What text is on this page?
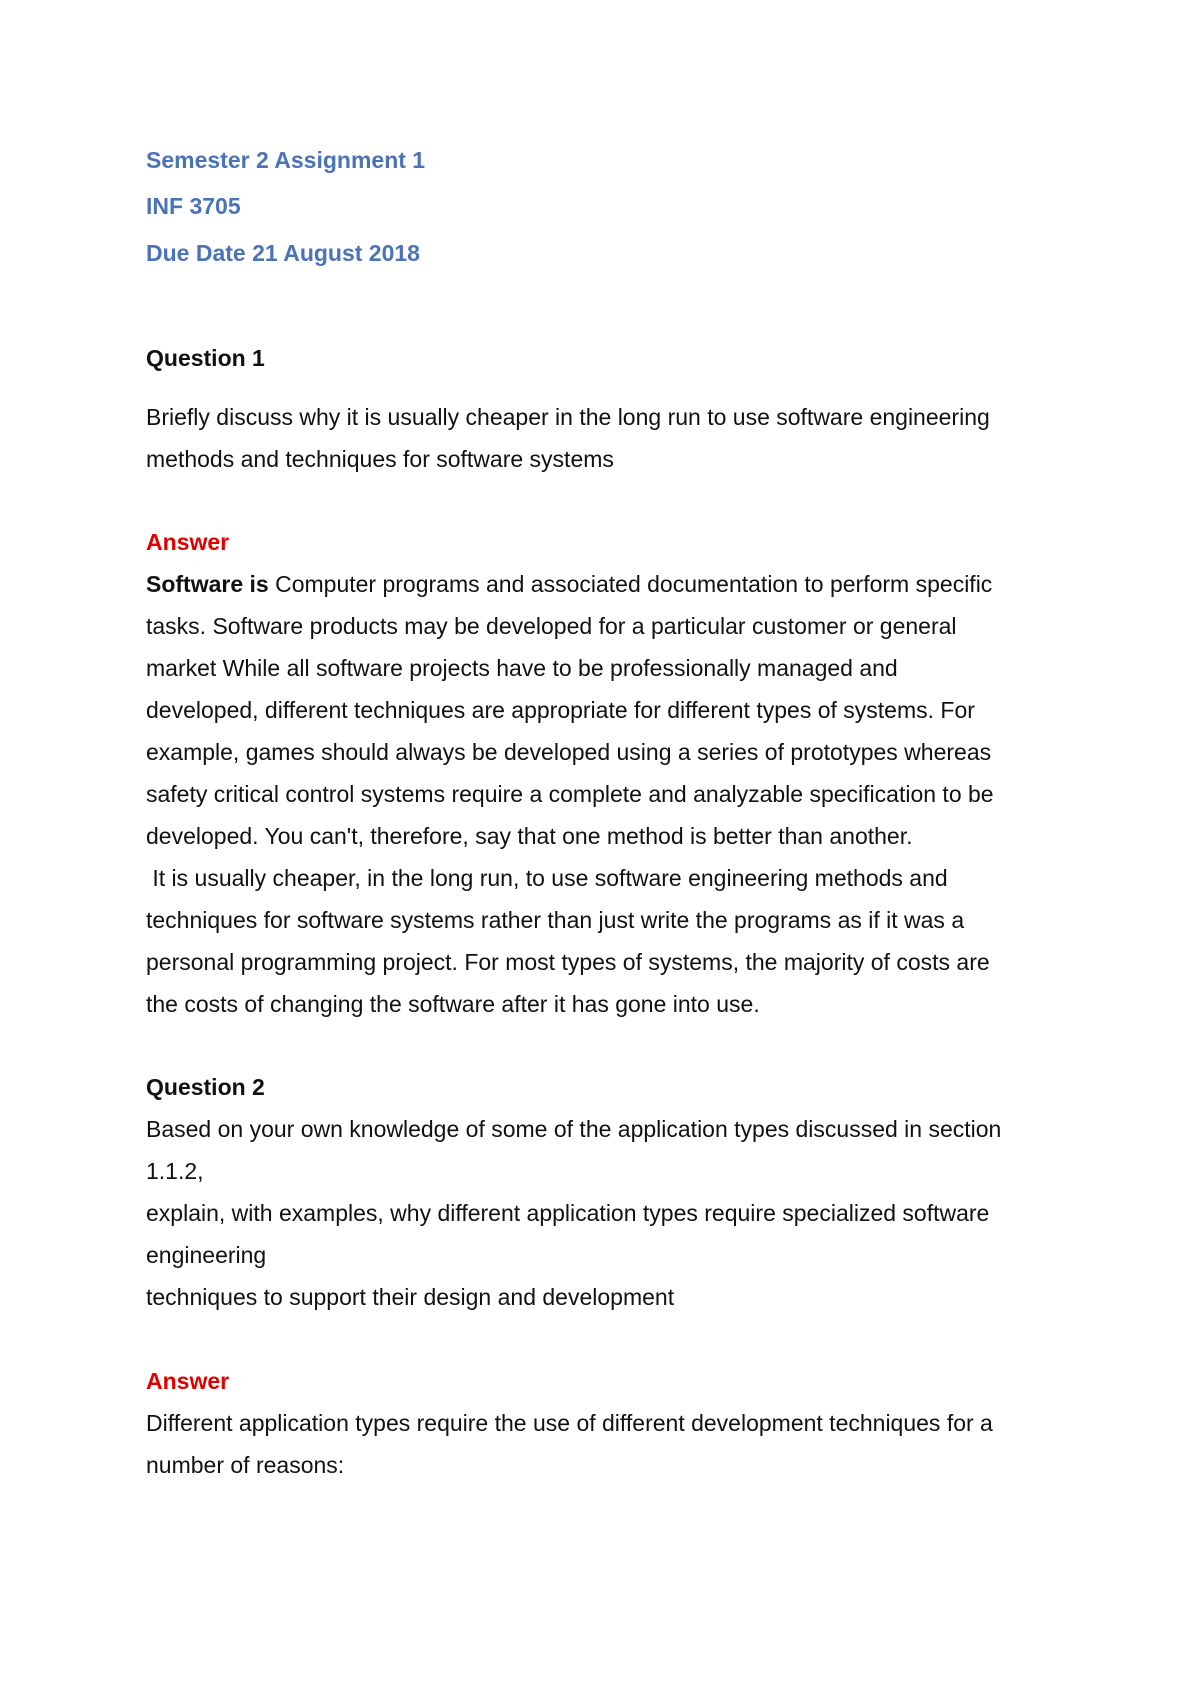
Semester 2 Assignment 1

INF 3705

Due Date 21 August 2018

Question 1

Briefly discuss why it is usually cheaper in the long run to use software engineering

methods and techniques for software systems

Answer

Software is Computer programs and associated documentation to perform specific

tasks. Software products may be developed for a particular customer or general

market While all software projects have to be professionally managed and

developed, different techniques are appropriate for different types of systems. For

example, games should always be developed using a series of prototypes whereas

safety critical control systems require a complete and analyzable specification to be

developed. You can't, therefore, say that one method is better than another.

It is usually cheaper, in the long run, to use software engineering methods and

techniques for software systems rather than just write the programs as if it was a

personal programming project. For most types of systems, the majority of costs are

the costs of changing the software after it has gone into use.

Question 2

Based on your own knowledge of some of the application types discussed in section

1.1.2,

explain, with examples, why different application types require specialized software

engineering

techniques to support their design and development

Answer

Different application types require the use of different development techniques for a

number of reasons:
